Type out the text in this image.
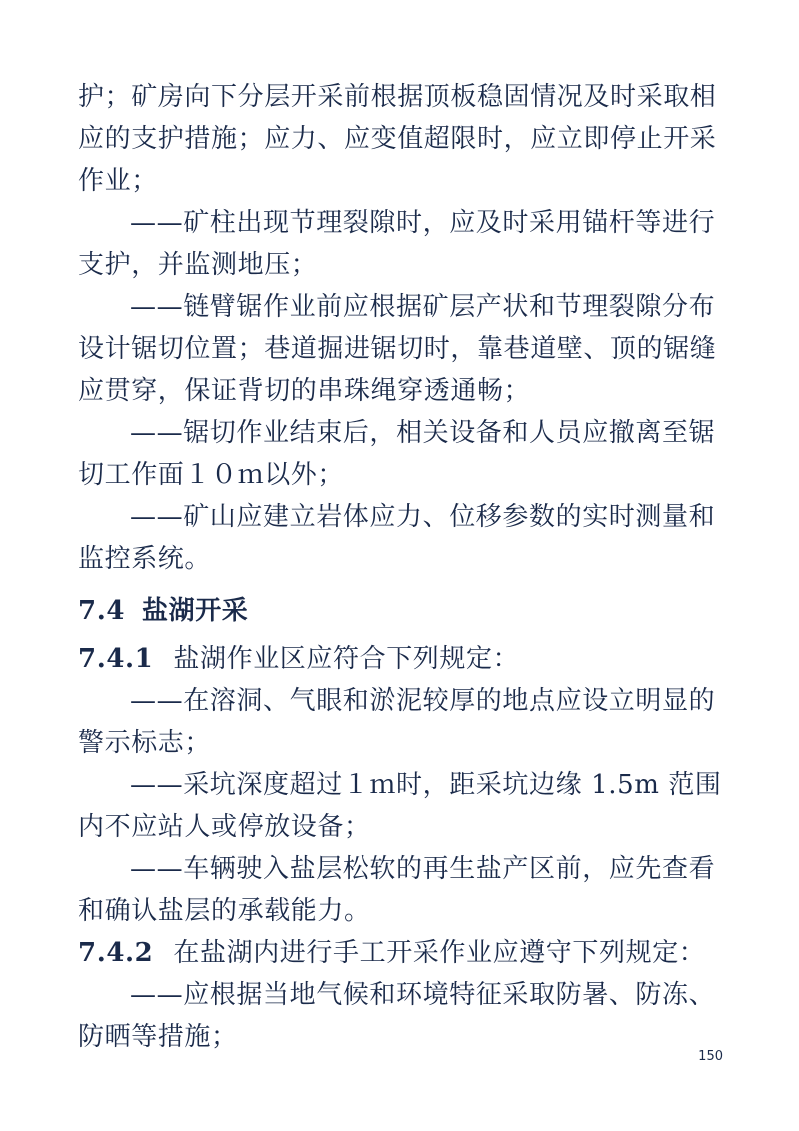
护；矿房向下分层开采前根据顶板稳固情况及时采取相应的支护措施；应力、应变值超限时，应立即停止开采作业；

——矿柱出现节理裂隙时，应及时采用锚杆等进行支护，并监测地压；

——链臂锯作业前应根据矿层产状和节理裂隙分布设计锯切位置；巷道掘进锯切时，靠巷道壁、顶的锯缝应贯穿，保证背切的串珠绳穿透通畅；

——锯切作业结束后，相关设备和人员应撤离至锯切工作面１０ｍ以外；

——矿山应建立岩体应力、位移参数的实时测量和监控系统。

7.4 盐湖开采

7.4.1 盐湖作业区应符合下列规定：

——在溶洞、气眼和淤泥较厚的地点应设立明显的警示标志；

——采坑深度超过１ｍ时，距采坑边缘 1.5m 范围内不应站人或停放设备；

——车辆驶入盐层松软的再生盐产区前，应先查看和确认盐层的承载能力。

7.4.2 在盐湖内进行手工开采作业应遵守下列规定：

——应根据当地气候和环境特征采取防暑、防冻、防晒等措施；

150
